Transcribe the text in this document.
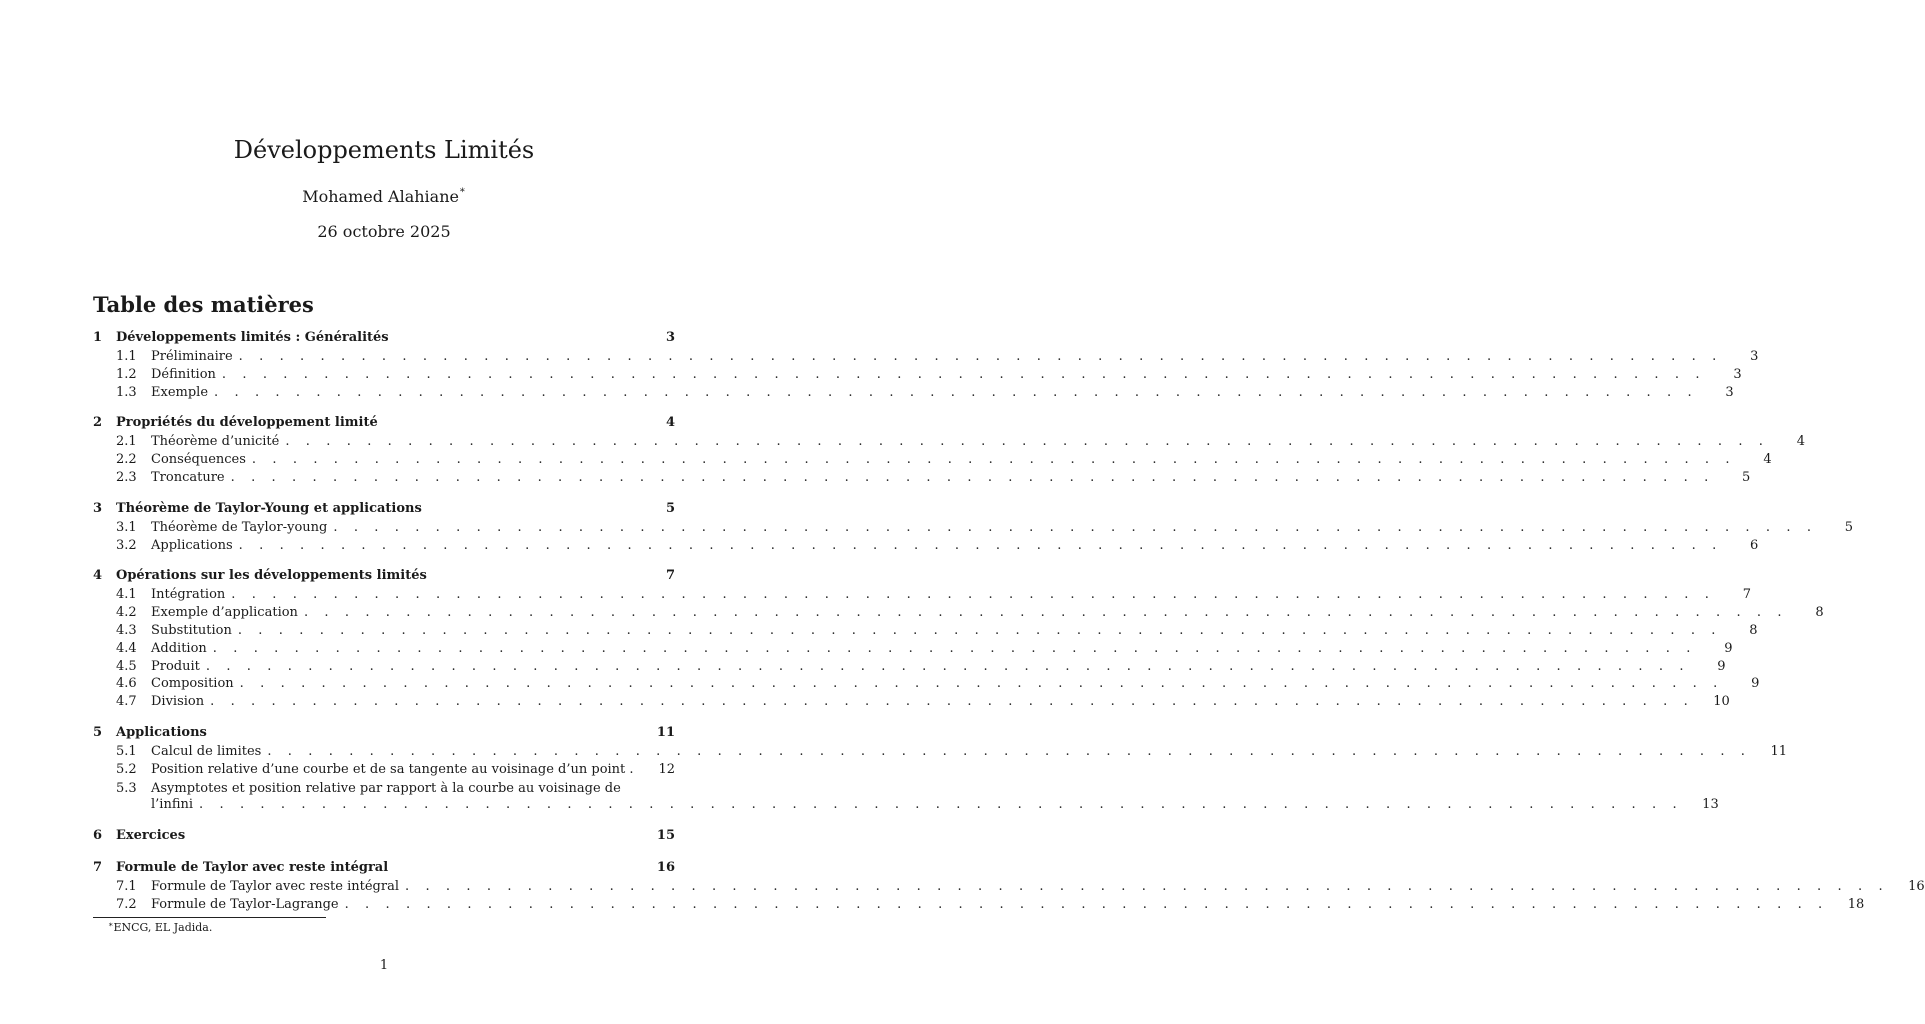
Développements Limités
Mohamed Alahiane∗
26 octobre 2025
Table des matières
1	Développements limités : Généralités	3
1.1	Préliminaire . . .	3
1.2	Définition . . .	3
1.3	Exemple . . .	3
2	Propriétés du développement limité	4
2.1	Théorème d’unicité . . .	4
2.2	Conséquences . . .	4
2.3	Troncature . . .	5
3	Théorème de Taylor-Young et applications	5
3.1	Théorème de Taylor-young . . .	5
3.2	Applications . . .	6
4	Opérations sur les développements limités	7
4.1	Intégration . . .	7
4.2	Exemple d’application . . .	8
4.3	Substitution . . .	8
4.4	Addition . . .	9
4.5	Produit . . .	9
4.6	Composition . . .	9
4.7	Division . . .	10
5	Applications	11
5.1	Calcul de limites . . .	11
5.2	Position relative d’une courbe et de sa tangente au voisinage d’un point .	12
5.3	Asymptotes et position relative par rapport à la courbe au voisinage de
l’infini . . .	13
6	Exercices	15
7	Formule de Taylor avec reste intégral	16
7.1	Formule de Taylor avec reste intégral . . .	16
7.2	Formule de Taylor-Lagrange . . .	18
∗ENCG, EL Jadida.
1
